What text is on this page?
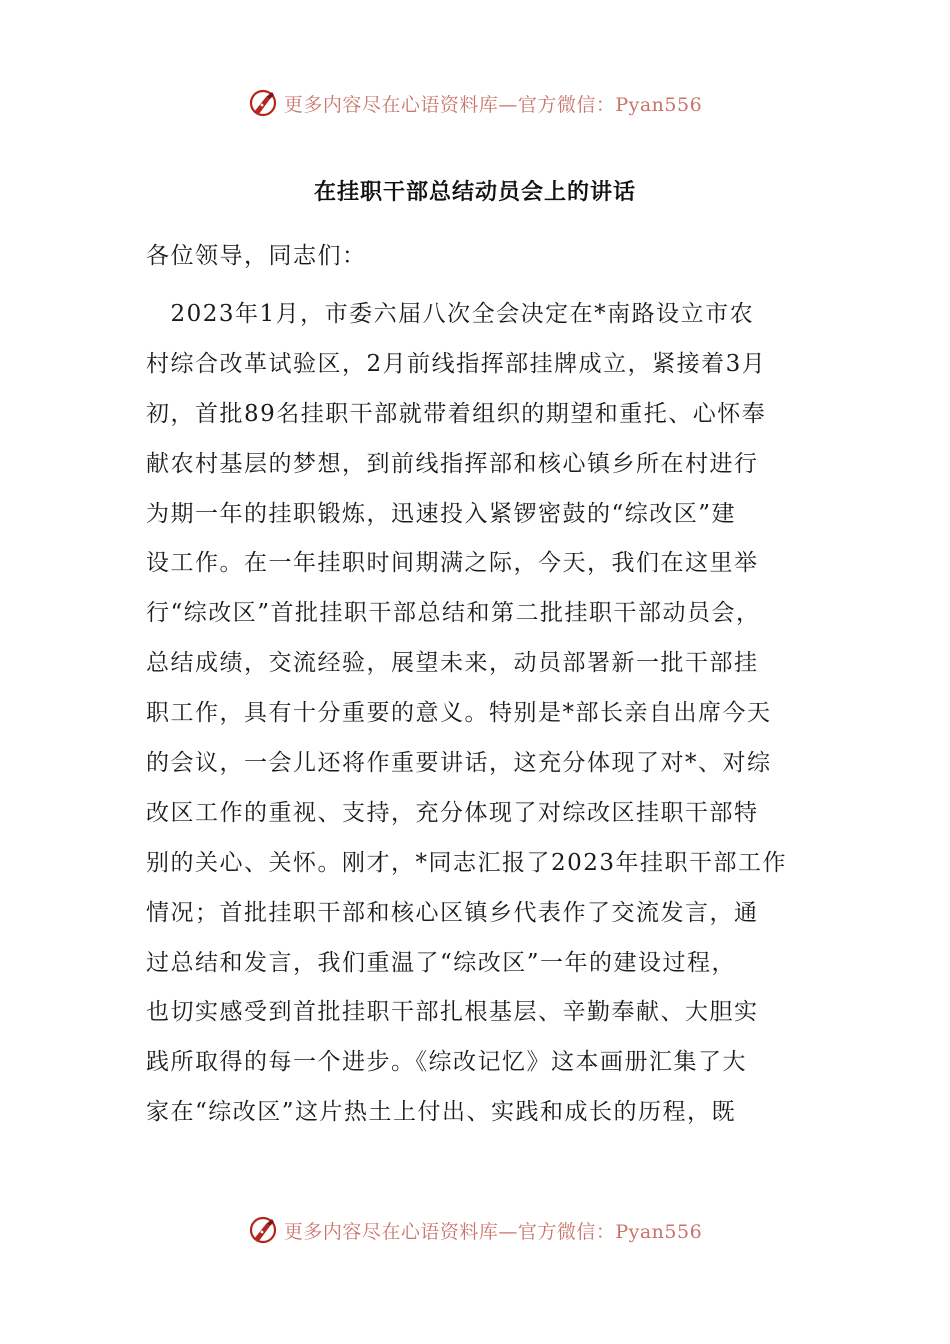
更多内容尽在心语资料库—官方微信：Pyan556
在挂职干部总结动员会上的讲话
各位领导，同志们：
　2023年1月，市委六届八次全会决定在*南路设立市农
村综合改革试验区，2月前线指挥部挂牌成立，紧接着3月
初，首批89名挂职干部就带着组织的期望和重托、心怀奉
献农村基层的梦想，到前线指挥部和核心镇乡所在村进行
为期一年的挂职锻炼，迅速投入紧锣密鼓的“综改区”建
设工作。在一年挂职时间期满之际，今天，我们在这里举
行“综改区”首批挂职干部总结和第二批挂职干部动员会，
总结成绩，交流经验，展望未来，动员部署新一批干部挂
职工作，具有十分重要的意义。特别是*部长亲自出席今天
的会议，一会儿还将作重要讲话，这充分体现了对*、对综
改区工作的重视、支持，充分体现了对综改区挂职干部特
别的关心、关怀。刚才，*同志汇报了2023年挂职干部工作
情况；首批挂职干部和核心区镇乡代表作了交流发言，通
过总结和发言，我们重温了“综改区”一年的建设过程，
也切实感受到首批挂职干部扎根基层、辛勤奉献、大胆实
践所取得的每一个进步。《综改记忆》这本画册汇集了大
家在“综改区”这片热土上付出、实践和成长的历程，既
更多内容尽在心语资料库—官方微信：Pyan556
